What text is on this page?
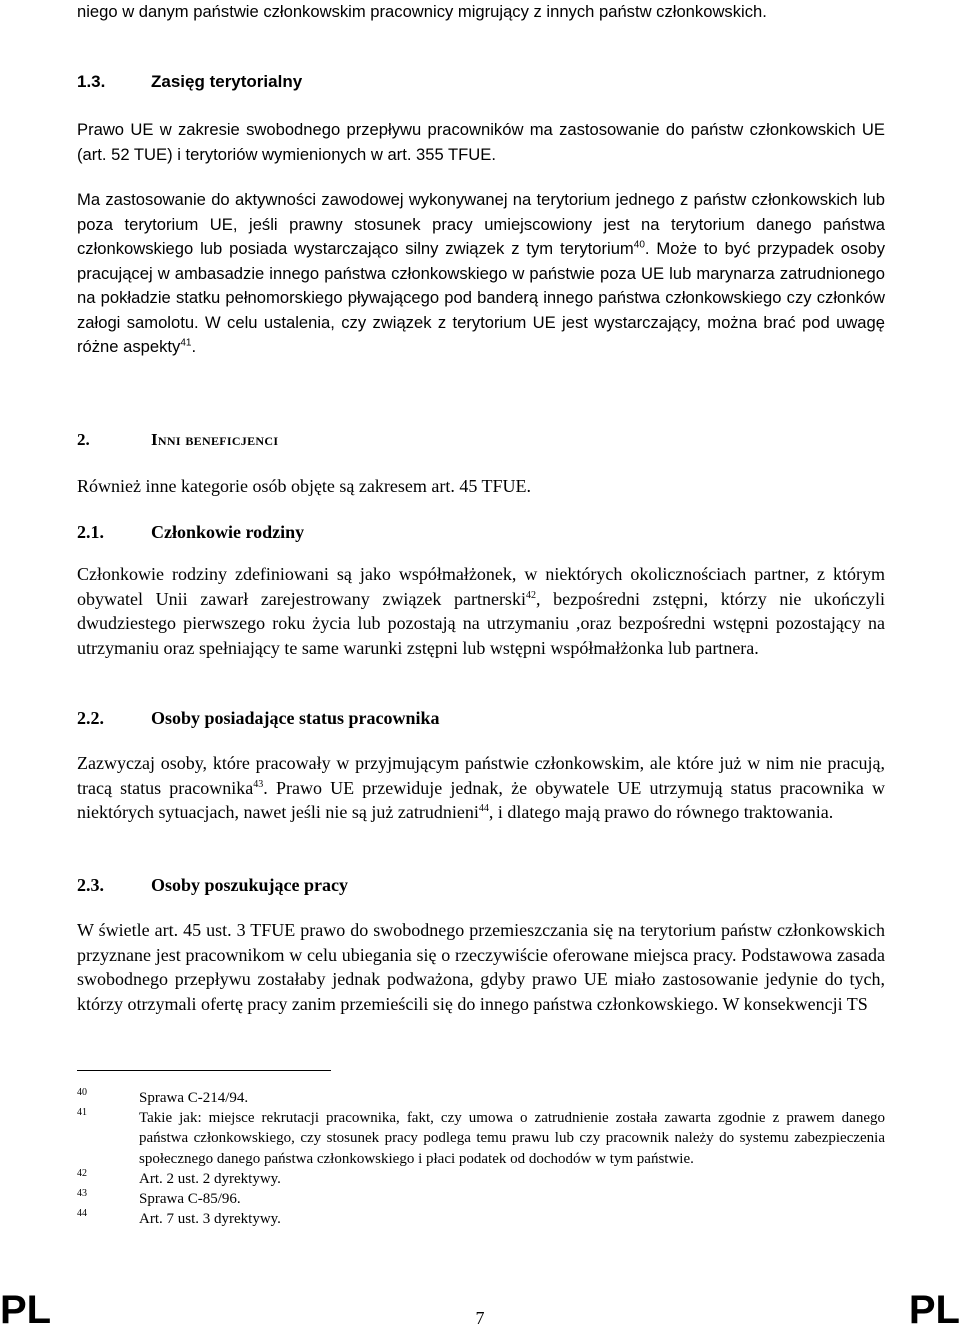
niego w danym państwie członkowskim pracownicy migrujący z innych państw członkowskich.

1.3.	Zasięg terytorialny

Prawo UE w zakresie swobodnego przepływu pracowników ma zastosowanie do państw członkowskich UE (art. 52 TUE) i terytoriów wymienionych w art. 355 TFUE.

Ma zastosowanie do aktywności zawodowej wykonywanej na terytorium jednego z państw członkowskich lub poza terytorium UE, jeśli prawny stosunek pracy umiejscowiony jest na terytorium danego państwa członkowskiego lub posiada wystarczająco silny związek z tym terytorium$^{40}$. Może to być przypadek osoby pracującej w ambasadzie innego państwa członkowskiego w państwie poza UE lub marynarza zatrudnionego na pokładzie statku pełnomorskiego pływającego pod banderą innego państwa członkowskiego czy członków załogi samolotu. W celu ustalenia, czy związek z terytorium UE jest wystarczający, można brać pod uwagę różne aspekty$^{41}$.

2.	Inni beneficjenci

Również inne kategorie osób objęte są zakresem art. 45 TFUE.

2.1.	Członkowie rodziny

Członkowie rodziny zdefiniowani są jako współmałżonek, w niektórych okolicznościach partner, z którym obywatel Unii zawarł zarejestrowany związek partnerski$^{42}$, bezpośredni zstępni, którzy nie ukończyli dwudziestego pierwszego roku życia lub pozostają na utrzymaniu ,oraz bezpośredni wstępni pozostający na utrzymaniu oraz spełniający te same warunki zstępni lub wstępni współmałżonka lub partnera.

2.2.	Osoby posiadające status pracownika

Zazwyczaj osoby, które pracowały w przyjmującym państwie członkowskim, ale które już w nim nie pracują, tracą status pracownika$^{43}$. Prawo UE przewiduje jednak, że obywatele UE utrzymują status pracownika w niektórych sytuacjach, nawet jeśli nie są już zatrudnieni$^{44}$, i dlatego mają prawo do równego traktowania.

2.3.	Osoby poszukujące pracy

W świetle art. 45 ust. 3 TFUE prawo do swobodnego przemieszczania się na terytorium państw członkowskich przyznane jest pracownikom w celu ubiegania się o rzeczywiście oferowane miejsca pracy. Podstawowa zasada swobodnego przepływu zostałaby jednak podważona, gdyby prawo UE miało zastosowanie jedynie do tych, którzy otrzymali ofertę pracy zanim przemieścili się do innego państwa członkowskiego. W konsekwencji TS

40	Sprawa C-214/94.
41	Takie jak: miejsce rekrutacji pracownika, fakt, czy umowa o zatrudnienie została zawarta zgodnie z prawem danego państwa członkowskiego, czy stosunek pracy podlega temu prawu lub czy pracownik należy do systemu zabezpieczenia społecznego danego państwa członkowskiego i płaci podatek od dochodów w tym państwie.
42	Art. 2 ust. 2 dyrektywy.
43	Sprawa C-85/96.
44	Art. 7 ust. 3 dyrektywy.
PL	7	PL
